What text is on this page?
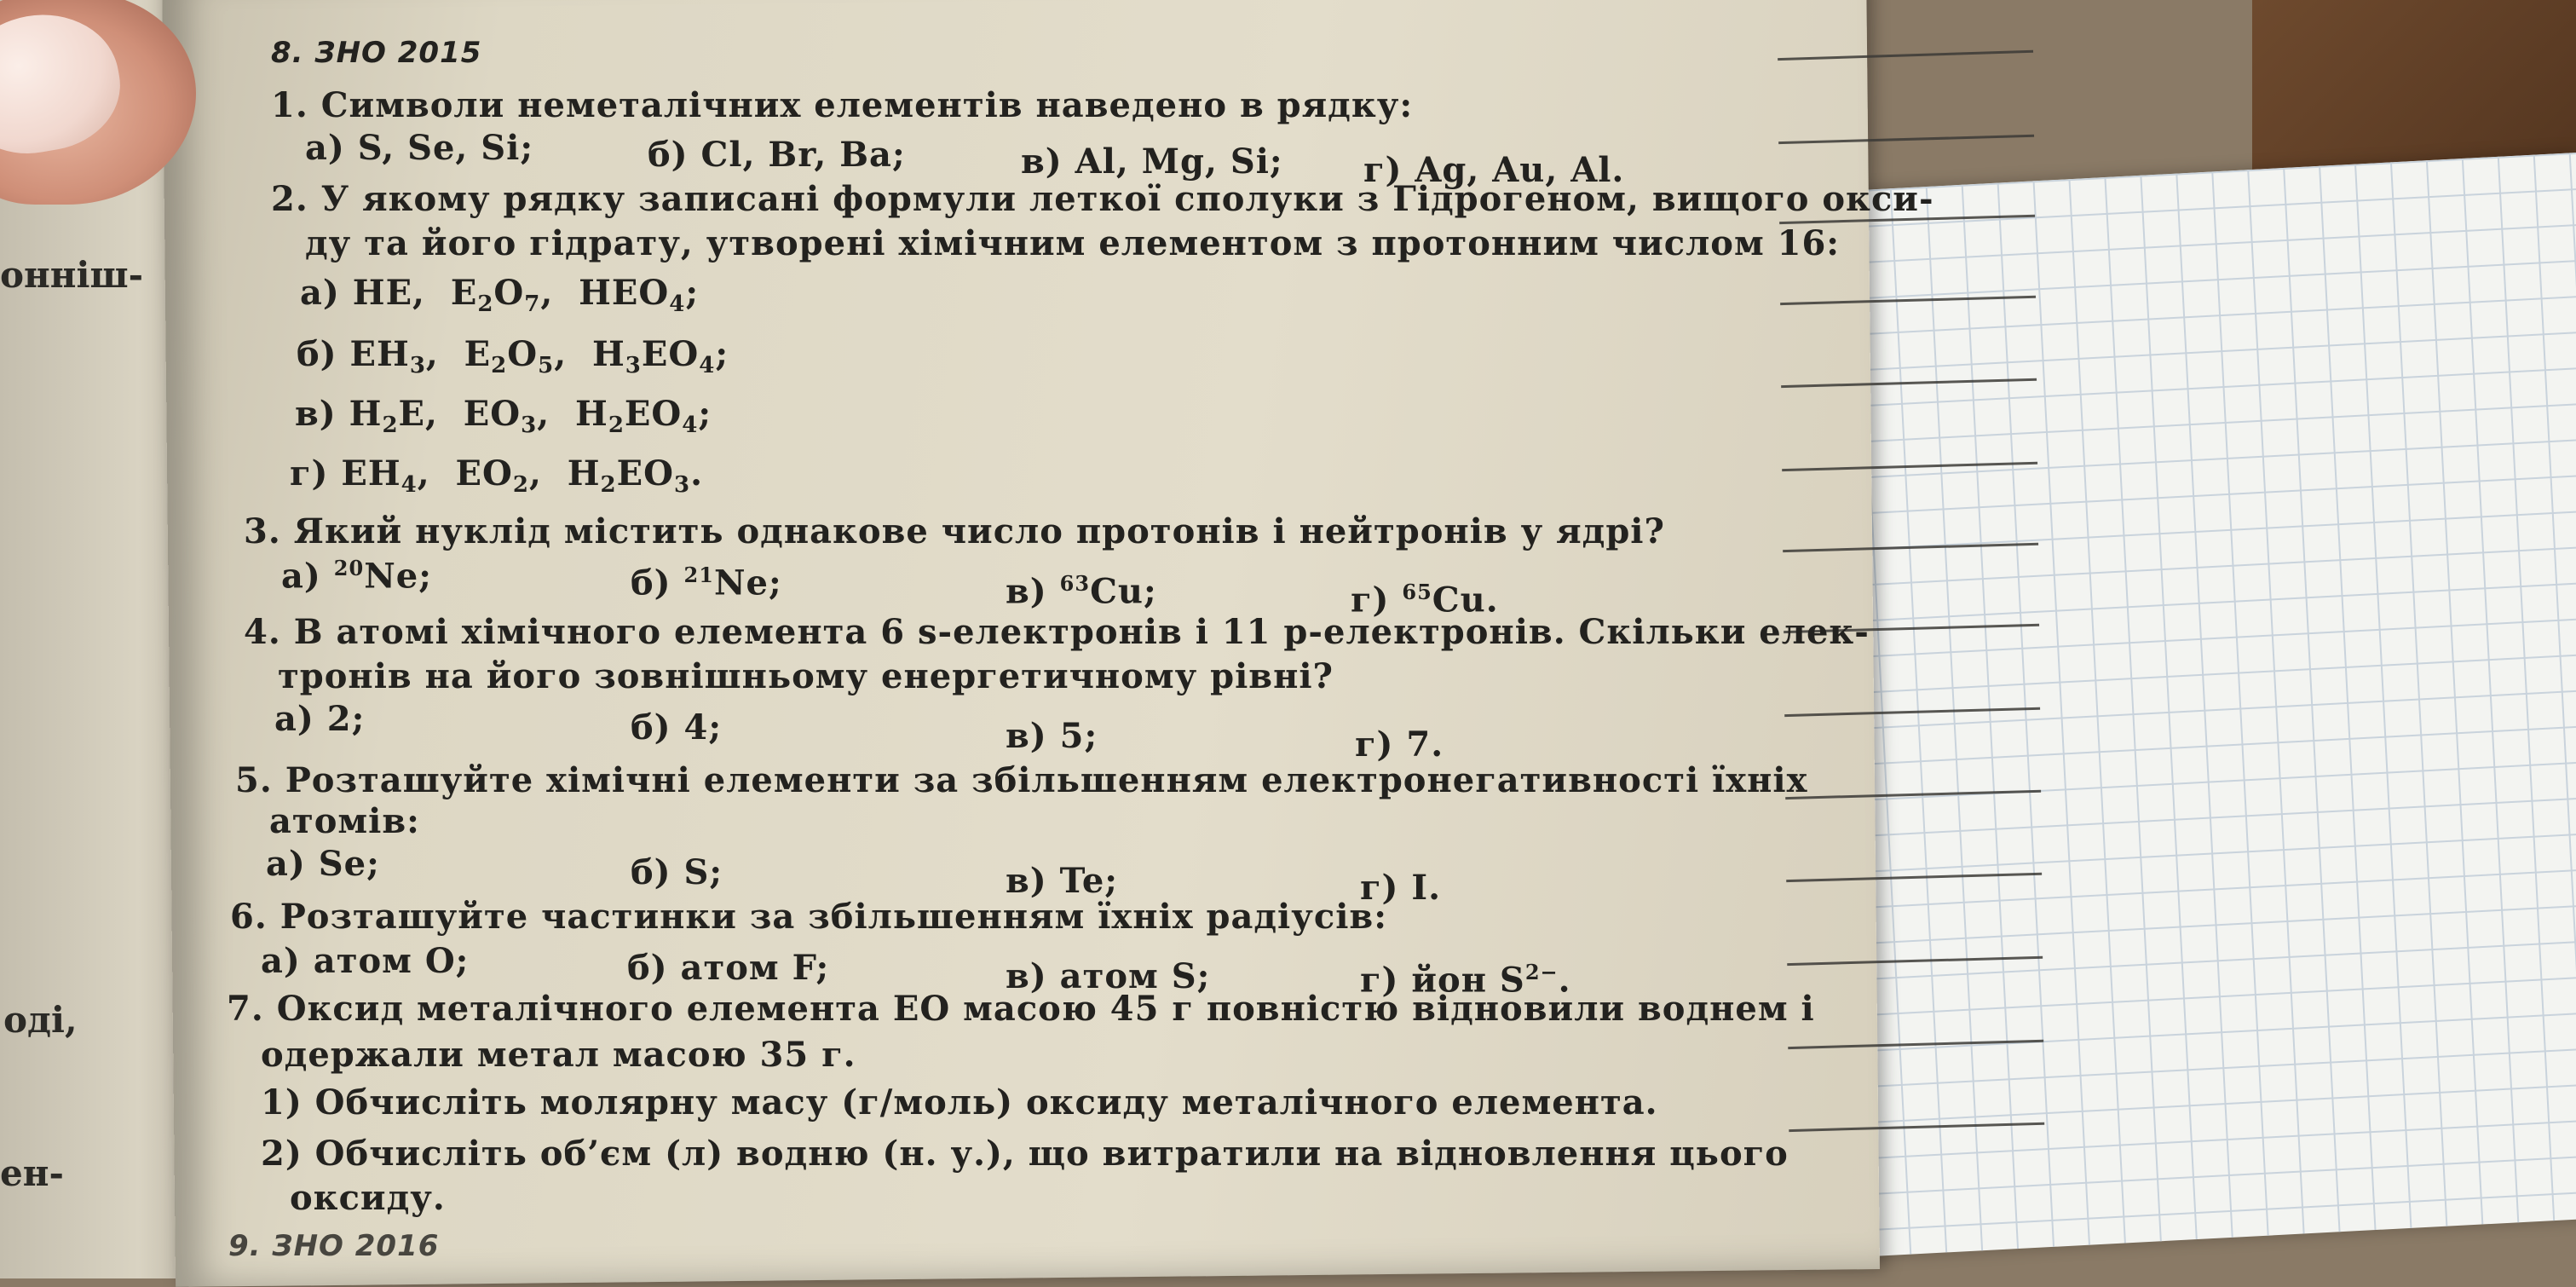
онніш-
оді,
ен-
8. ЗНО 2015
1. Символи неметалічних елементів наведено в рядку:
а) S, Se, Si;	б) Cl, Br, Ba;	в) Al, Mg, Si; г) Ag, Au, Al.
2. У якому рядку записані формули леткої сполуки з Гідрогеном, вищого окси-
ду та його гідрату, утворені хімічним елементом з протонним числом 16:
а) HE,  $E_2O_7$,  $HEO_4$;
б) $EH_3$,  $E_2O_5$,  $H_3EO_4$;
в) $H_2E$,  $EO_3$,  $H_2EO_4$;
г) $EH_4$,  $EO_2$,  $H_2EO_3$.
3. Який нуклід містить однакове число протонів і нейтронів у ядрі?
а) $^{20}$Ne;	б) $^{21}$Ne;	в) $^{63}$Cu;	г) $^{65}$Cu.
4. В атомі хімічного елемента 6 s-електронів і 11 p-електронів. Скільки елек-
тронів на його зовнішньому енергетичному рівні?
а) 2;	б) 4;	в) 5;	г) 7.
5. Розташуйте хімічні елементи за збільшенням електронегативності їхніх
атомів:
а) Se;	б) S;	в) Te;	г) I.
6. Розташуйте частинки за збільшенням їхніх радіусів:
а) атом O;	б) атом F;	в) атом S;	г) йон $S^{2-}$.
7. Оксид металічного елемента EO масою 45 г повністю відновили воднем і
одержали метал масою 35 г.
1) Обчисліть молярну масу (г/моль) оксиду металічного елемента.
2) Обчисліть об’єм (л) водню (н. у.), що витратили на відновлення цього
оксиду.
9. ЗНО 2016
